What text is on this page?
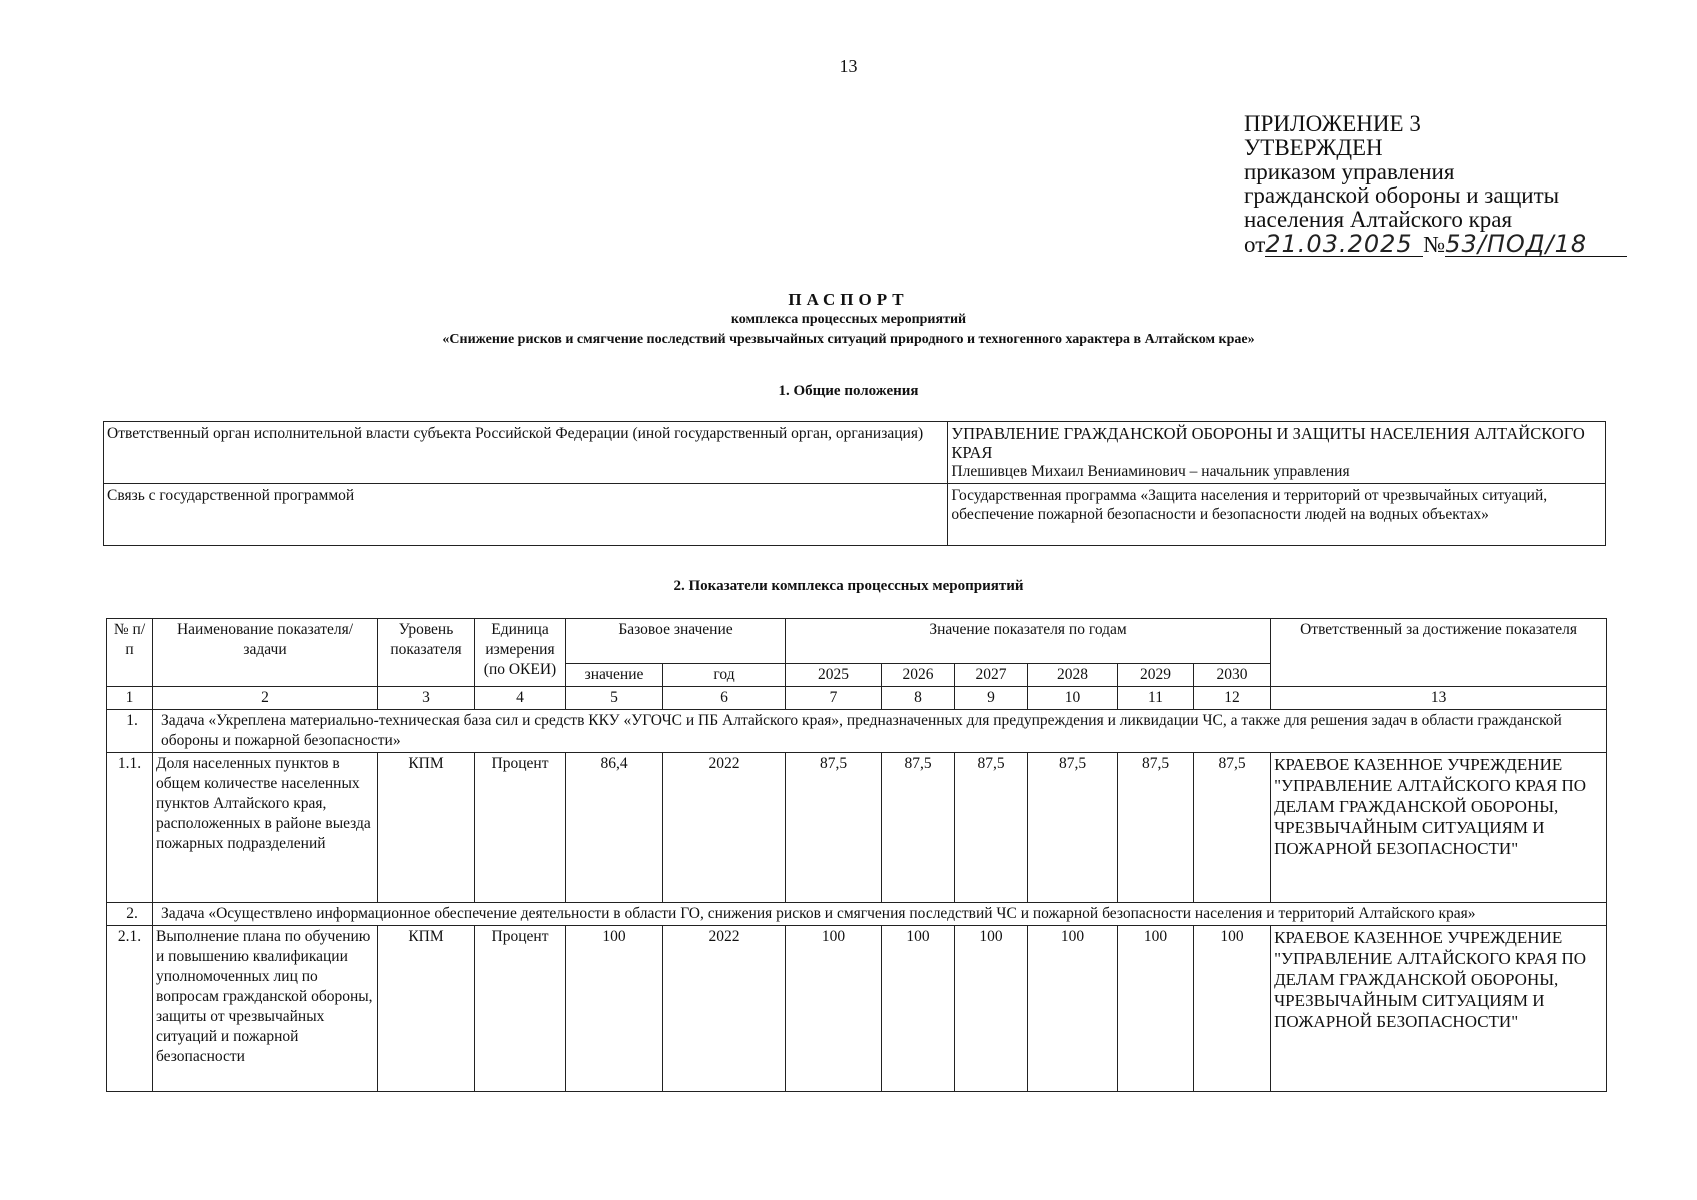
13
ПРИЛОЖЕНИЕ 3
УТВЕРЖДЕН
приказом управления
гражданской обороны и защиты
населения Алтайского края
от21.03.2025 №53/ПОД/18
ПАСПОРТ
комплекса процессных мероприятий
«Снижение рисков и смягчение последствий чрезвычайных ситуаций природного и техногенного характера в Алтайском крае»
1. Общие положения
Ответственный орган исполнительной власти субъекта Российской Федерации (иной государственный орган, организация)	УПРАВЛЕНИЕ ГРАЖДАНСКОЙ ОБОРОНЫ И ЗАЩИТЫ НАСЕЛЕНИЯ АЛТАЙСКОГО КРАЯ
Плешивцев Михаил Вениаминович – начальник управления

Связь с государственной программой	Государственная программа «Защита населения и территорий от чрезвычайных ситуаций, обеспечение пожарной безопасности и безопасности людей на водных объектах»
2. Показатели комплекса процессных мероприятий
№ п/п	Наименование показателя/задачи	Уровень показателя	Единица измерения (по ОКЕИ)	Базовое значение		Значение показателя по годам						Ответственный за достижение показателя
				значение	год	2025	2026	2027	2028	2029	2030	
1	2	3	4	5	6	7	8	9	10	11	12	13
1.	Задача «Укреплена материально-техническая база сил и средств ККУ «УГОЧС и ПБ Алтайского края», предназначенных для предупреждения и ликвидации ЧС, а также для решения задач в области гражданской обороны и пожарной безопасности»											
1.1.	Доля населенных пунктов в общем количестве населенных пунктов Алтайского края, расположенных в районе выезда пожарных подразделений	КПМ	Процент	86,4	2022	87,5	87,5	87,5	87,5	87,5	87,5	КРАЕВОЕ КАЗЕННОЕ УЧРЕЖДЕНИЕ "УПРАВЛЕНИЕ АЛТАЙСКОГО КРАЯ ПО ДЕЛАМ ГРАЖДАНСКОЙ ОБОРОНЫ, ЧРЕЗВЫЧАЙНЫМ СИТУАЦИЯМ И ПОЖАРНОЙ БЕЗОПАСНОСТИ"
2.	Задача «Осуществлено информационное обеспечение деятельности в области ГО, снижения рисков и смягчения последствий ЧС и пожарной безопасности населения и территорий Алтайского края»											
2.1.	Выполнение плана по обучению и повышению квалификации уполномоченных лиц по вопросам гражданской обороны, защиты от чрезвычайных ситуаций и пожарной безопасности	КПМ	Процент	100	2022	100	100	100	100	100	100	КРАЕВОЕ КАЗЕННОЕ УЧРЕЖДЕНИЕ "УПРАВЛЕНИЕ АЛТАЙСКОГО КРАЯ ПО ДЕЛАМ ГРАЖДАНСКОЙ ОБОРОНЫ, ЧРЕЗВЫЧАЙНЫМ СИТУАЦИЯМ И ПОЖАРНОЙ БЕЗОПАСНОСТИ"
